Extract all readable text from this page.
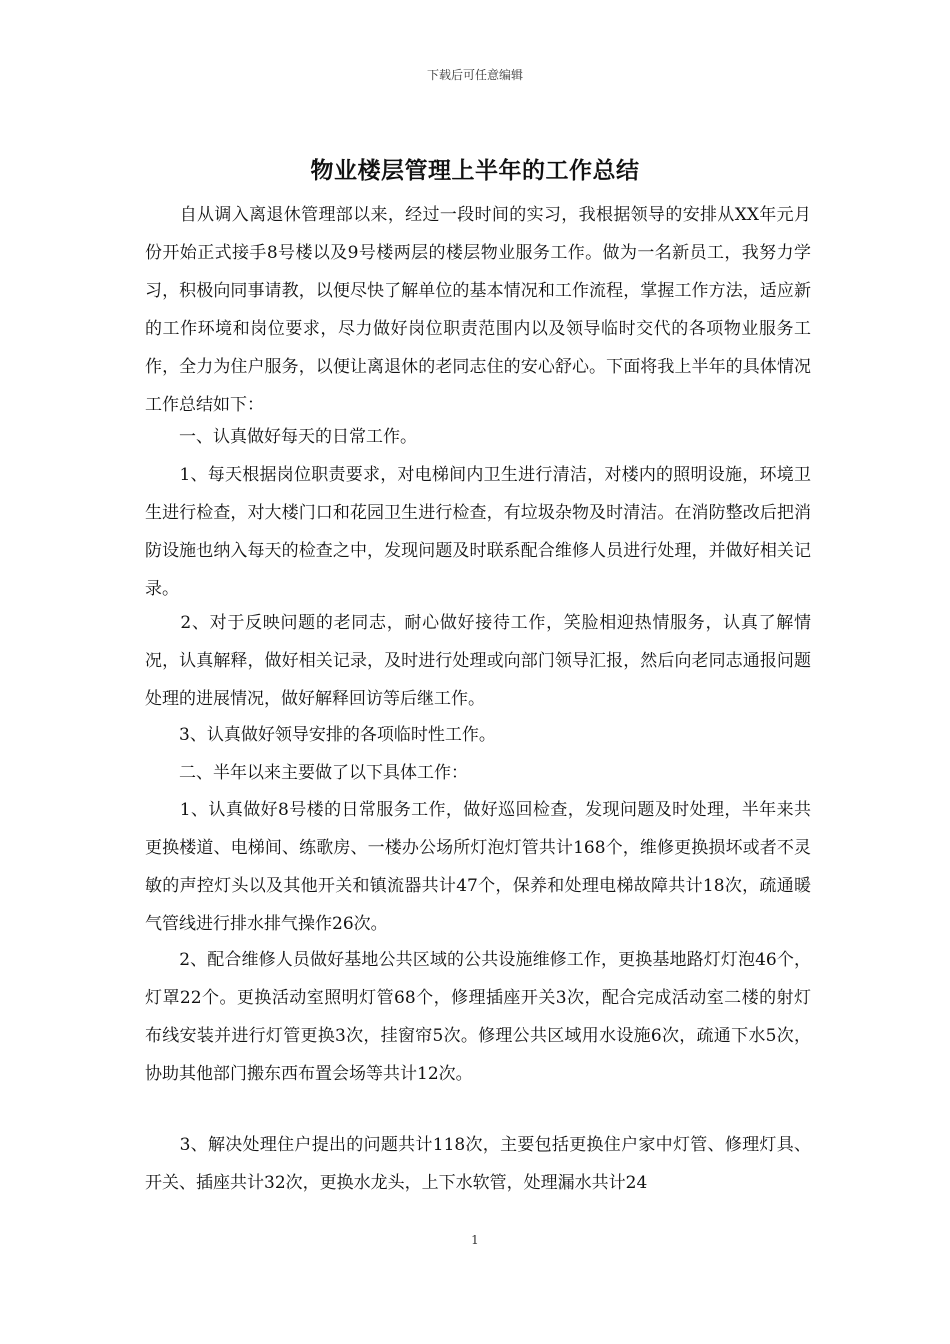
下载后可任意编辑
物业楼层管理上半年的工作总结
　　自从调入离退休管理部以来，经过一段时间的实习，我根据领导的安排从XX年元月份开始正式接手8号楼以及9号楼两层的楼层物业服务工作。做为一名新员工，我努力学习，积极向同事请教，以便尽快了解单位的基本情况和工作流程，掌握工作方法，适应新的工作环境和岗位要求，尽力做好岗位职责范围内以及领导临时交代的各项物业服务工作，全力为住户服务，以便让离退休的老同志住的安心舒心。下面将我上半年的具体情况工作总结如下：
　　一、认真做好每天的日常工作。
　　1、每天根据岗位职责要求，对电梯间内卫生进行清洁，对楼内的照明设施，环境卫生进行检查，对大楼门口和花园卫生进行检查，有垃圾杂物及时清洁。在消防整改后把消防设施也纳入每天的检查之中，发现问题及时联系配合维修人员进行处理，并做好相关记录。
　　2、对于反映问题的老同志，耐心做好接待工作，笑脸相迎热情服务，认真了解情况，认真解释，做好相关记录，及时进行处理或向部门领导汇报，然后向老同志通报问题处理的进展情况，做好解释回访等后继工作。
　　3、认真做好领导安排的各项临时性工作。
　　二、半年以来主要做了以下具体工作：
　　1、认真做好8号楼的日常服务工作，做好巡回检查，发现问题及时处理，半年来共更换楼道、电梯间、练歌房、一楼办公场所灯泡灯管共计168个，维修更换损坏或者不灵敏的声控灯头以及其他开关和镇流器共计47个，保养和处理电梯故障共计18次，疏通暖气管线进行排水排气操作26次。
　　2、配合维修人员做好基地公共区域的公共设施维修工作，更换基地路灯灯泡46个，灯罩22个。更换活动室照明灯管68个，修理插座开关3次，配合完成活动室二楼的射灯布线安装并进行灯管更换3次，挂窗帘5次。修理公共区域用水设施6次，疏通下水5次，协助其他部门搬东西布置会场等共计12次。
　　3、解决处理住户提出的问题共计118次，主要包括更换住户家中灯管、修理灯具、开关、插座共计32次，更换水龙头，上下水软管，处理漏水共计24
1
